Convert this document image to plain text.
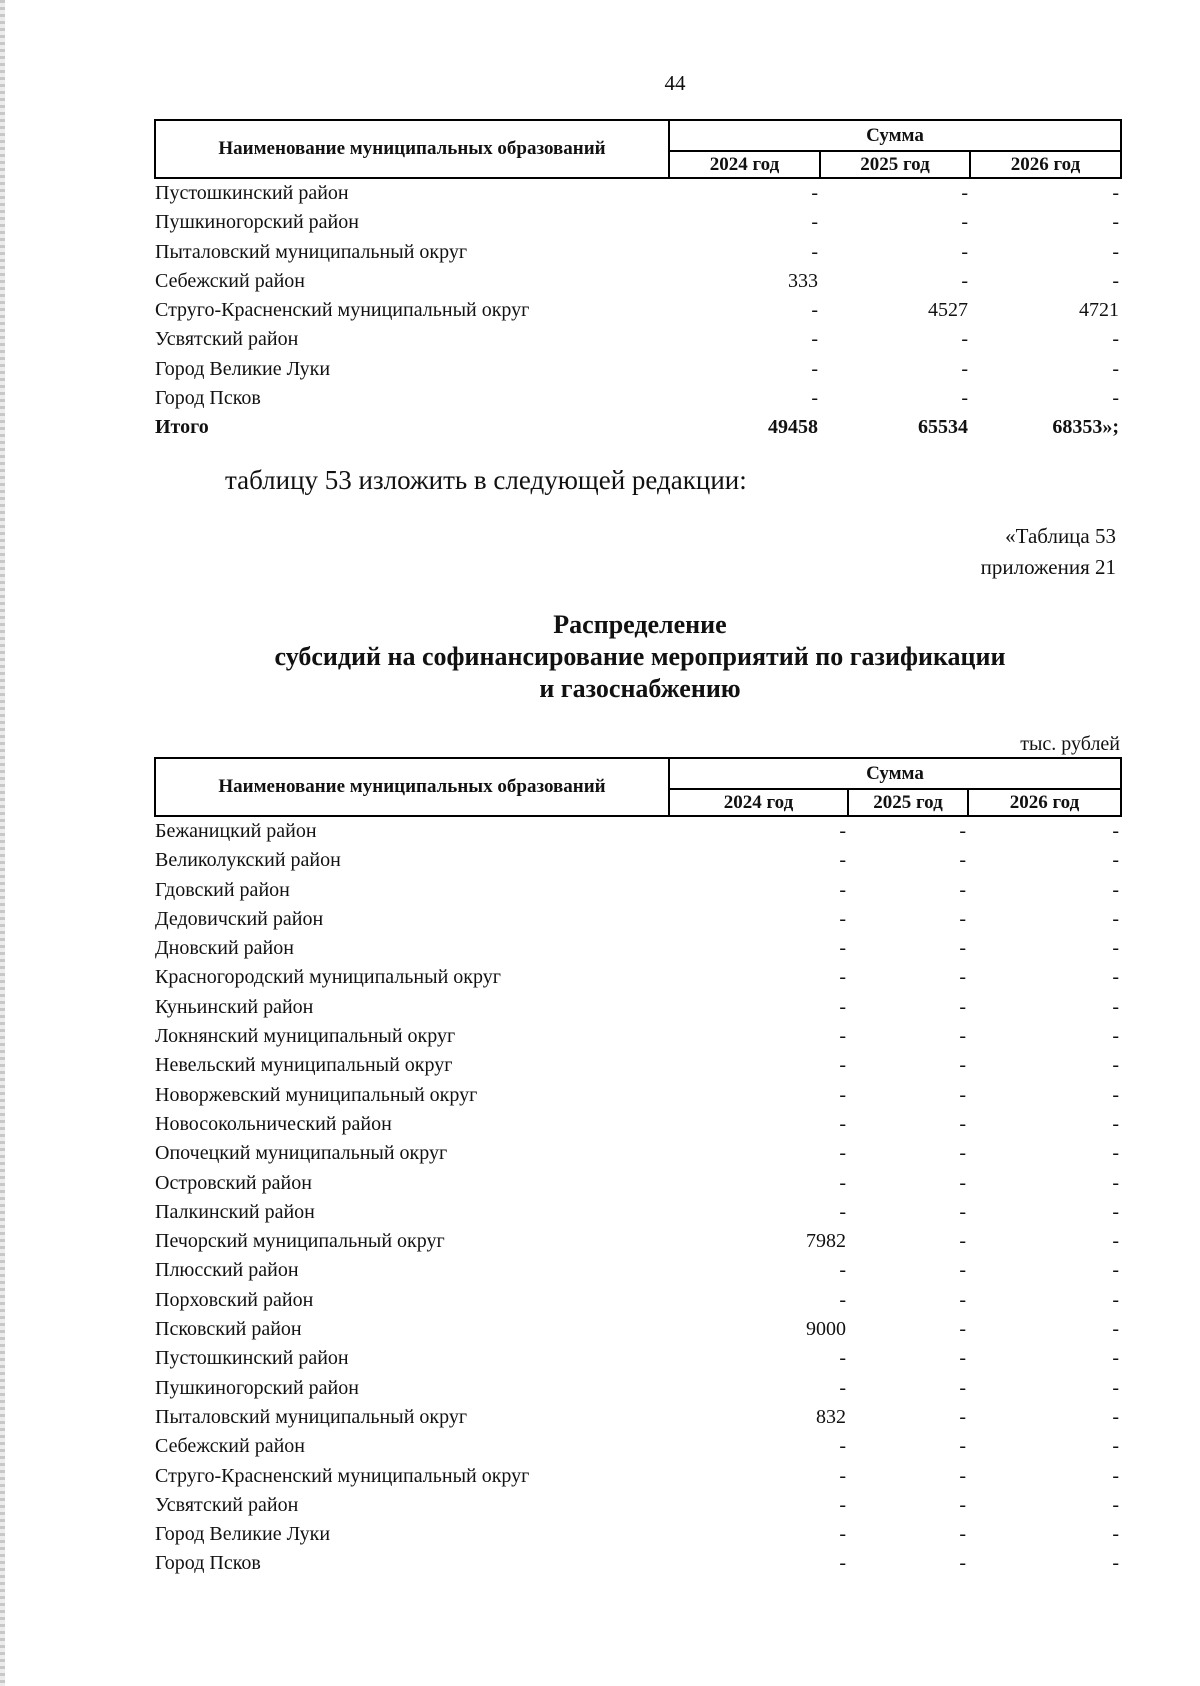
44
Наименование муниципальных образований	Сумма		
	2024 год	2025 год	2026 год
Пустошкинский район	-	-	-
Пушкиногорский район	-	-	-
Пыталовский муниципальный округ	-	-	-
Себежский район	333	-	-
Струго-Красненский муниципальный округ	-	4527	4721
Усвятский район	-	-	-
Город Великие Луки	-	-	-
Город Псков	-	-	-
Итого	49458	65534	68353»;
таблицу 53 изложить в следующей редакции:
«Таблица 53
приложения 21
Распределение
субсидий на софинансирование мероприятий по газификации
и газоснабжению
тыс. рублей
Наименование муниципальных образований	Сумма		
	2024 год	2025 год	2026 год
Бежаницкий район	-	-	-
Великолукский район	-	-	-
Гдовский район	-	-	-
Дедовичский район	-	-	-
Дновский район	-	-	-
Красногородский муниципальный округ	-	-	-
Куньинский район	-	-	-
Локнянский муниципальный округ	-	-	-
Невельский муниципальный округ	-	-	-
Новоржевский муниципальный округ	-	-	-
Новосокольнический район	-	-	-
Опочецкий муниципальный округ	-	-	-
Островский район	-	-	-
Палкинский район	-	-	-
Печорский муниципальный округ	7982	-	-
Плюсский район	-	-	-
Порховский район	-	-	-
Псковский район	9000	-	-
Пустошкинский район	-	-	-
Пушкиногорский район	-	-	-
Пыталовский муниципальный округ	832	-	-
Себежский район	-	-	-
Струго-Красненский муниципальный округ	-	-	-
Усвятский район	-	-	-
Город Великие Луки	-	-	-
Город Псков	-	-	-
